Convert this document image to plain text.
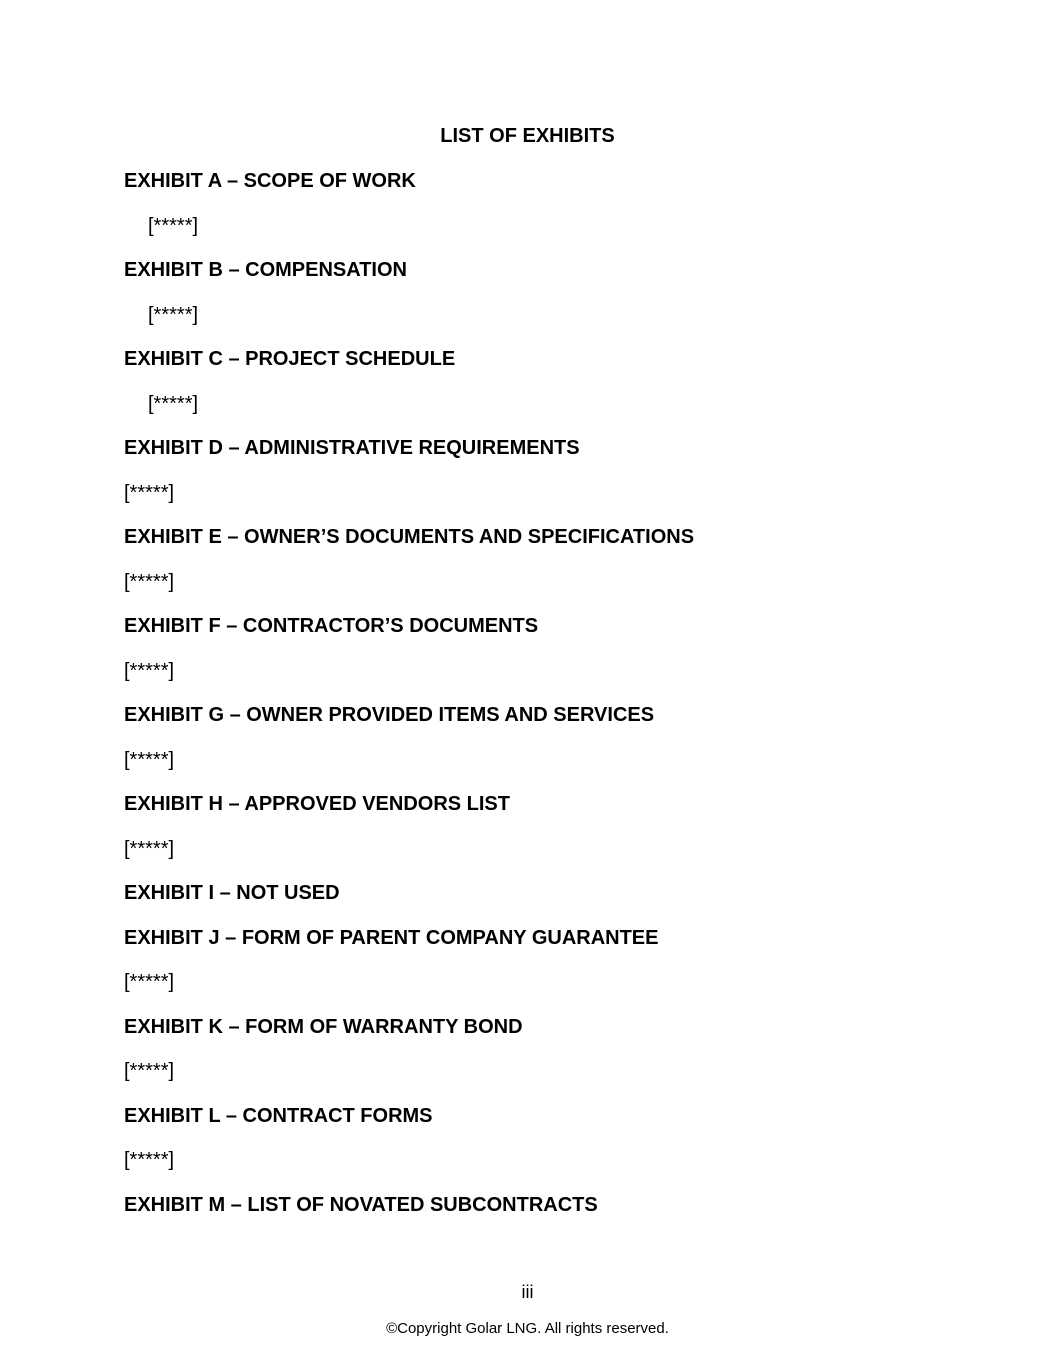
LIST OF EXHIBITS
EXHIBIT A – SCOPE OF WORK
[*****]
EXHIBIT B – COMPENSATION
[*****]
EXHIBIT C – PROJECT SCHEDULE
[*****]
EXHIBIT D – ADMINISTRATIVE REQUIREMENTS
[*****]
EXHIBIT E – OWNER’S DOCUMENTS AND SPECIFICATIONS
[*****]
EXHIBIT F – CONTRACTOR’S DOCUMENTS
[*****]
EXHIBIT G – OWNER PROVIDED ITEMS AND SERVICES
[*****]
EXHIBIT H – APPROVED VENDORS LIST
[*****]
EXHIBIT I – NOT USED
EXHIBIT J – FORM OF PARENT COMPANY GUARANTEE
[*****]
EXHIBIT K – FORM OF WARRANTY BOND
[*****]
EXHIBIT L – CONTRACT FORMS
[*****]
EXHIBIT M – LIST OF NOVATED SUBCONTRACTS
iii
©Copyright Golar LNG. All rights reserved.
